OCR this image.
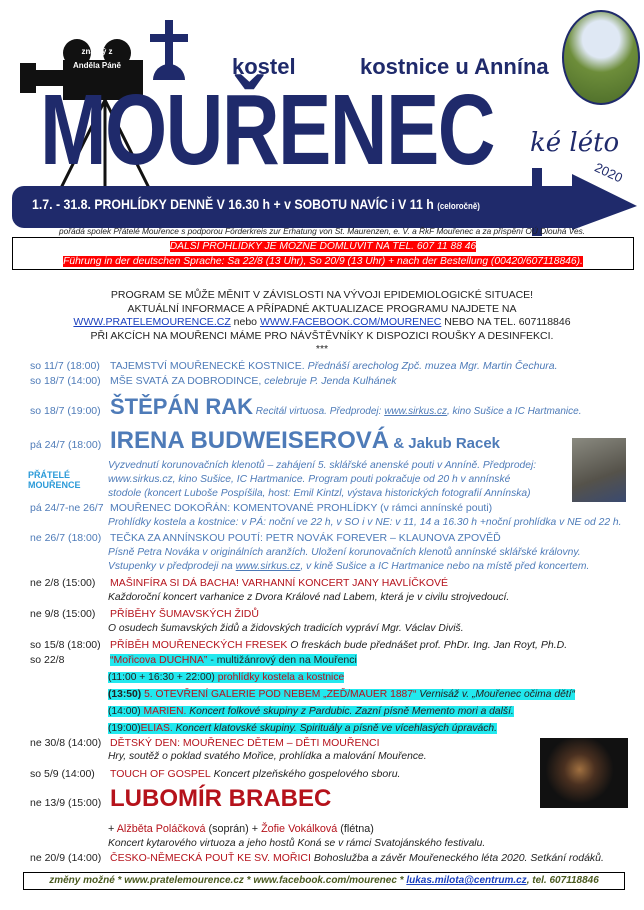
známý z
Anděla Páně	kostel	kostnice u Annína
MOUŘENEC ké léto
2020
1.7. - 31.8. PROHLÍDKY DENNĚ V 16.30 h + v SOBOTU NAVÍC i V 11 h (celoročně)
pořádá spolek Přátelé Mouřence s podporou Förderkreis zur Erhatung von St. Maurenzen, e. V. a ŘkF Mouřenec a za přispění OÚ Dlouhá Ves.
DALŠÍ PROHLÍDKY JE MOŽNÉ DOMLUVIT NA TEL. 607 11 88 46
Führung in der deutschen Sprache: Sa 22/8 (13 Uhr), So 20/9 (13 Uhr) + nach der Bestellung (00420/607118846).
PROGRAM SE MŮŽE MĚNIT V ZÁVISLOSTI NA VÝVOJI EPIDEMIOLOGICKÉ SITUACE!
AKTUÁLNÍ INFORMACE A PŘÍPADNÉ AKTUALIZACE PROGRAMU NAJDETE NA
WWW.PRATELEMOURENCE.CZ nebo WWW.FACEBOOK.COM/MOURENEC NEBO NA TEL. 607118846
PŘI AKCÍCH NA MOUŘENCI MÁME PRO NÁVŠTĚVNÍKY K DISPOZICI ROUŠKY A DESINFEKCI.
***
so 11/7 (18:00) TAJEMSTVÍ MOUŘENECKÉ KOSTNICE. Přednáší arecholog Zpč. muzea Mgr. Martin Čechura.
so 18/7 (14:00) MŠE SVATÁ ZA DOBRODINCE, celebruje P. Jenda Kulhánek
so 18/7 (19:00) ŠTĚPÁN RAK Recitál virtuosa. Předprodej: www.sirkus.cz, kino Sušice a IC Hartmanice.
pá 24/7 (18:00) IRENA BUDWEISEROVÁ & Jakub Racek
Vyzvednutí korunovačních klenotů – zahájení 5. sklářské anenské pouti v Anníně. Předprodej:
www.sirkus.cz, kino Sušice, IC Hartmanice. Program pouti pokračuje od 20 h v annínské
stodole (koncert Luboše Pospíšila, host: Emil Kintzl, výstava historických fotografií Annínska)
PŘÁTELÉ MOUŘENCE
pá 24/7-ne 26/7 MOUŘENEC DOKOŘÁN: KOMENTOVANÉ PROHLÍDKY (v rámci annínské pouti)
Prohlídky kostela a kostnice: v PÁ: noční ve 22 h, v SO i v NE: v 11, 14 a 16.30 h +noční prohlídka v NE od 22 h.
ne 26/7 (18:00) TEČKA ZA ANNÍNSKOU POUTÍ: PETR NOVÁK FOREVER – KLAUNOVA ZPOVĚĎ
Písně Petra Nováka v originálních aranžích. Uložení korunovačních klenotů annínské sklářské královny.
Vstupenky v předprodeji na www.sirkus.cz, v kině Sušice a IC Hartmanice nebo na místě před koncertem.
ne 2/8 (15:00) MAŠINFÍRA SI DÁ BACHA! VARHANNÍ KONCERT JANY HAVLÍČKOVÉ
Každoroční koncert varhanice z Dvora Králové nad Labem, která je v civilu strojvedoucí.
ne 9/8 (15:00) PŘÍBĚHY ŠUMAVSKÝCH ŽIDŮ
O osudech šumavských židů a židovských tradicích vypráví Mgr. Václav Diviš.
so 15/8 (18:00) PŘÍBĚH MOUŘENECKÝCH FRESEK O freskách bude přednášet prof. PhDr. Ing. Jan Royt, Ph.D.
so 22/8	“Mořicova DUCHNA” - multižánrový den na Mouřenci
(11:00 + 16:30 + 22:00) prohlídky kostela a kostnice
(13:50) 5. OTEVŘENÍ GALERIE POD NEBEM „ZEĎ/MAUER 1887“ Vernisáž v. „Mouřenec očima dětí“
(14:00) MARIEN. Koncert folkové skupiny z Pardubic. Zazní písně Memento mori a další.
(19:00)ELIAS. Koncert klatovské skupiny. Spirituály a písně ve vícehlasých úpravách.
ne 30/8 (14:00) DĚTSKÝ DEN: MOUŘENEC DĚTEM – DĚTI MOUŘENCI
Hry, soutěž o poklad svatého Mořice, prohlídka a malování Mouřence.
so 5/9 (14:00) TOUCH OF GOSPEL Koncert plzeňského gospelového sboru.
ne 13/9 (15:00) LUBOMÍR BRABEC
+ Alžběta Poláčková (soprán) + Žofie Vokálková (flétna)
Koncert kytarového virtuoza a jeho hostů Koná se v rámci Svatojánského festivalu.
ne 20/9 (14:00) ČESKO-NĚMECKÁ POUŤ KE SV. MOŘICI Bohoslužba a závěr Mouřeneckého léta 2020. Setkání rodáků.
změny možné * www.pratelemourence.cz * www.facebook.com/mourenec * lukas.milota@centrum.cz, tel. 607118846
